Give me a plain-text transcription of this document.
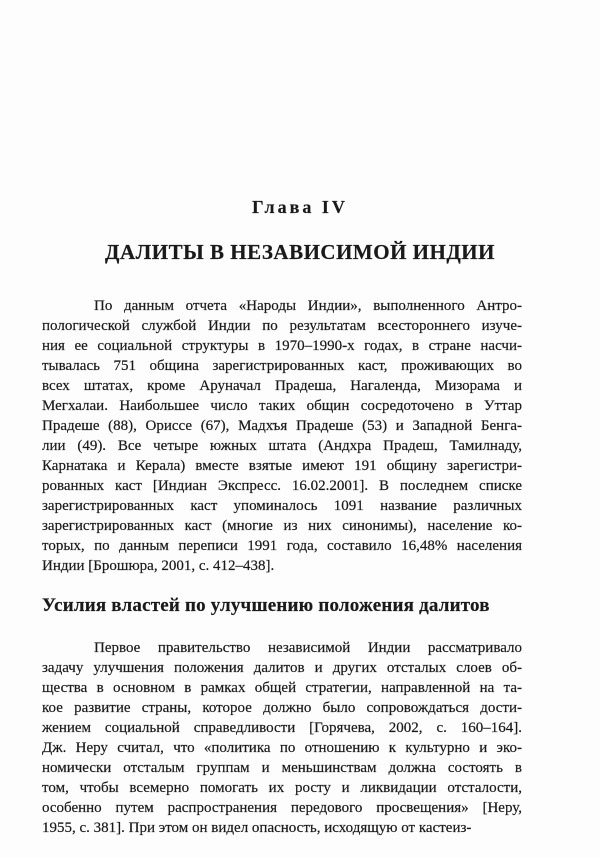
Глава IV
ДАЛИТЫ В НЕЗАВИСИМОЙ ИНДИИ
По данным отчета «Народы Индии», выполненного Антро-
пологической службой Индии по результатам всестороннего изуче-
ния ее социальной структуры в 1970–1990-х годах, в стране насчи-
тывалась 751 община зарегистрированных каст, проживающих во
всех штатах, кроме Аруначал Прадеша, Нагаленда, Мизорама и
Мегхалаи. Наибольшее число таких общин сосредоточено в Уттар
Прадеше (88), Ориссе (67), Мадхъя Прадеше (53) и Западной Бенга-
лии (49). Все четыре южных штата (Андхра Прадеш, Тамилнаду,
Карнатака и Керала) вместе взятые имеют 191 общину зарегистри-
рованных каст [Индиан Экспресс. 16.02.2001]. В последнем списке
зарегистрированных каст упоминалось 1091 название различных
зарегистрированных каст (многие из них синонимы), население ко-
торых, по данным переписи 1991 года, составило 16,48% населения
Индии [Брошюра, 2001, с. 412–438].
Усилия властей по улучшению положения далитов
Первое правительство независимой Индии рассматривало
задачу улучшения положения далитов и других отсталых слоев об-
щества в основном в рамках общей стратегии, направленной на та-
кое развитие страны, которое должно было сопровождаться дости-
жением социальной справедливости [Горячева, 2002, с. 160–164].
Дж. Неру считал, что «политика по отношению к культурно и эко-
номически отсталым группам и меньшинствам должна состоять в
том, чтобы всемерно помогать их росту и ликвидации отсталости,
особенно путем распространения передового просвещения» [Неру,
1955, с. 381]. При этом он видел опасность, исходящую от кастеиз-
